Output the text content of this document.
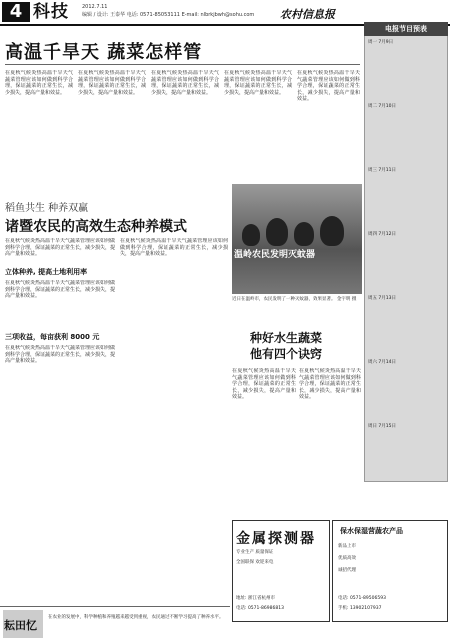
4 科技	2012.7.11
编辑 / 设计: 王泰华 电话: 0571-85053111 E-mail: nlbrkjbwh@sohu.com	农村信息报
高温千旱天 蔬菜怎样管
在夏秋气候炎热高温干旱天气蔬菜管理应该如何做到科学合理，保证蔬菜的正常生长，减少损失，提高产量和效益。
在夏秋气候炎热高温干旱天气蔬菜管理应该如何做到科学合理，保证蔬菜的正常生长，减少损失，提高产量和效益。
在夏秋气候炎热高温干旱天气蔬菜管理应该如何做到科学合理，保证蔬菜的正常生长，减少损失，提高产量和效益。
在夏秋气候炎热高温干旱天气蔬菜管理应该如何做到科学合理，保证蔬菜的正常生长，减少损失，提高产量和效益。
在夏秋气候炎热高温干旱天气蔬菜管理应该如何做到科学合理，保证蔬菜的正常生长，减少损失，提高产量和效益。
稻鱼共生 种养双赢
诸暨农民的高效生态种养模式
在夏秋气候炎热高温干旱天气蔬菜管理应该如何做到科学合理，保证蔬菜的正常生长，减少损失，提高产量和效益。
立体种养, 提高土地利用率
在夏秋气候炎热高温干旱天气蔬菜管理应该如何做到科学合理，保证蔬菜的正常生长，减少损失，提高产量和效益。
三项收益，每亩获利 8000 元
在夏秋气候炎热高温干旱天气蔬菜管理应该如何做到科学合理，保证蔬菜的正常生长，减少损失，提高产量和效益。
在夏秋气候炎热高温干旱天气蔬菜管理应该如何做到科学合理，保证蔬菜的正常生长，减少损失，提高产量和效益。	温岭农民发明灭蚊器
近日在温岭市，农民发明了一种灭蚊器，效果显著。 金宇明 摄
种好水生蔬菜
他有四个诀窍
在夏秋气候炎热高温干旱天气蔬菜管理应该如何做到科学合理，保证蔬菜的正常生长，减少损失，提高产量和效益。
在夏秋气候炎热高温干旱天气蔬菜管理应该如何做到科学合理，保证蔬菜的正常生长，减少损失，提高产量和效益。
电报节目预表
周一 7月9日
周二 7月10日
周三 7月11日
周四 7月12日
周五 7月13日
周六 7月14日
周日 7月15日
金属探测器
专业生产 质量保证
全国联保 欢迎来电
地址: 浙江省杭州市
电话: 0571-86986813
保水保湿营蔬农产品
新品上市
优质高效
诚招代理
电话: 0571-89506593
手机: 13902107937
耘田忆
在农业的发展中，科学种植和养殖越来越受到重视，农民通过不断学习提高了种养水平。
